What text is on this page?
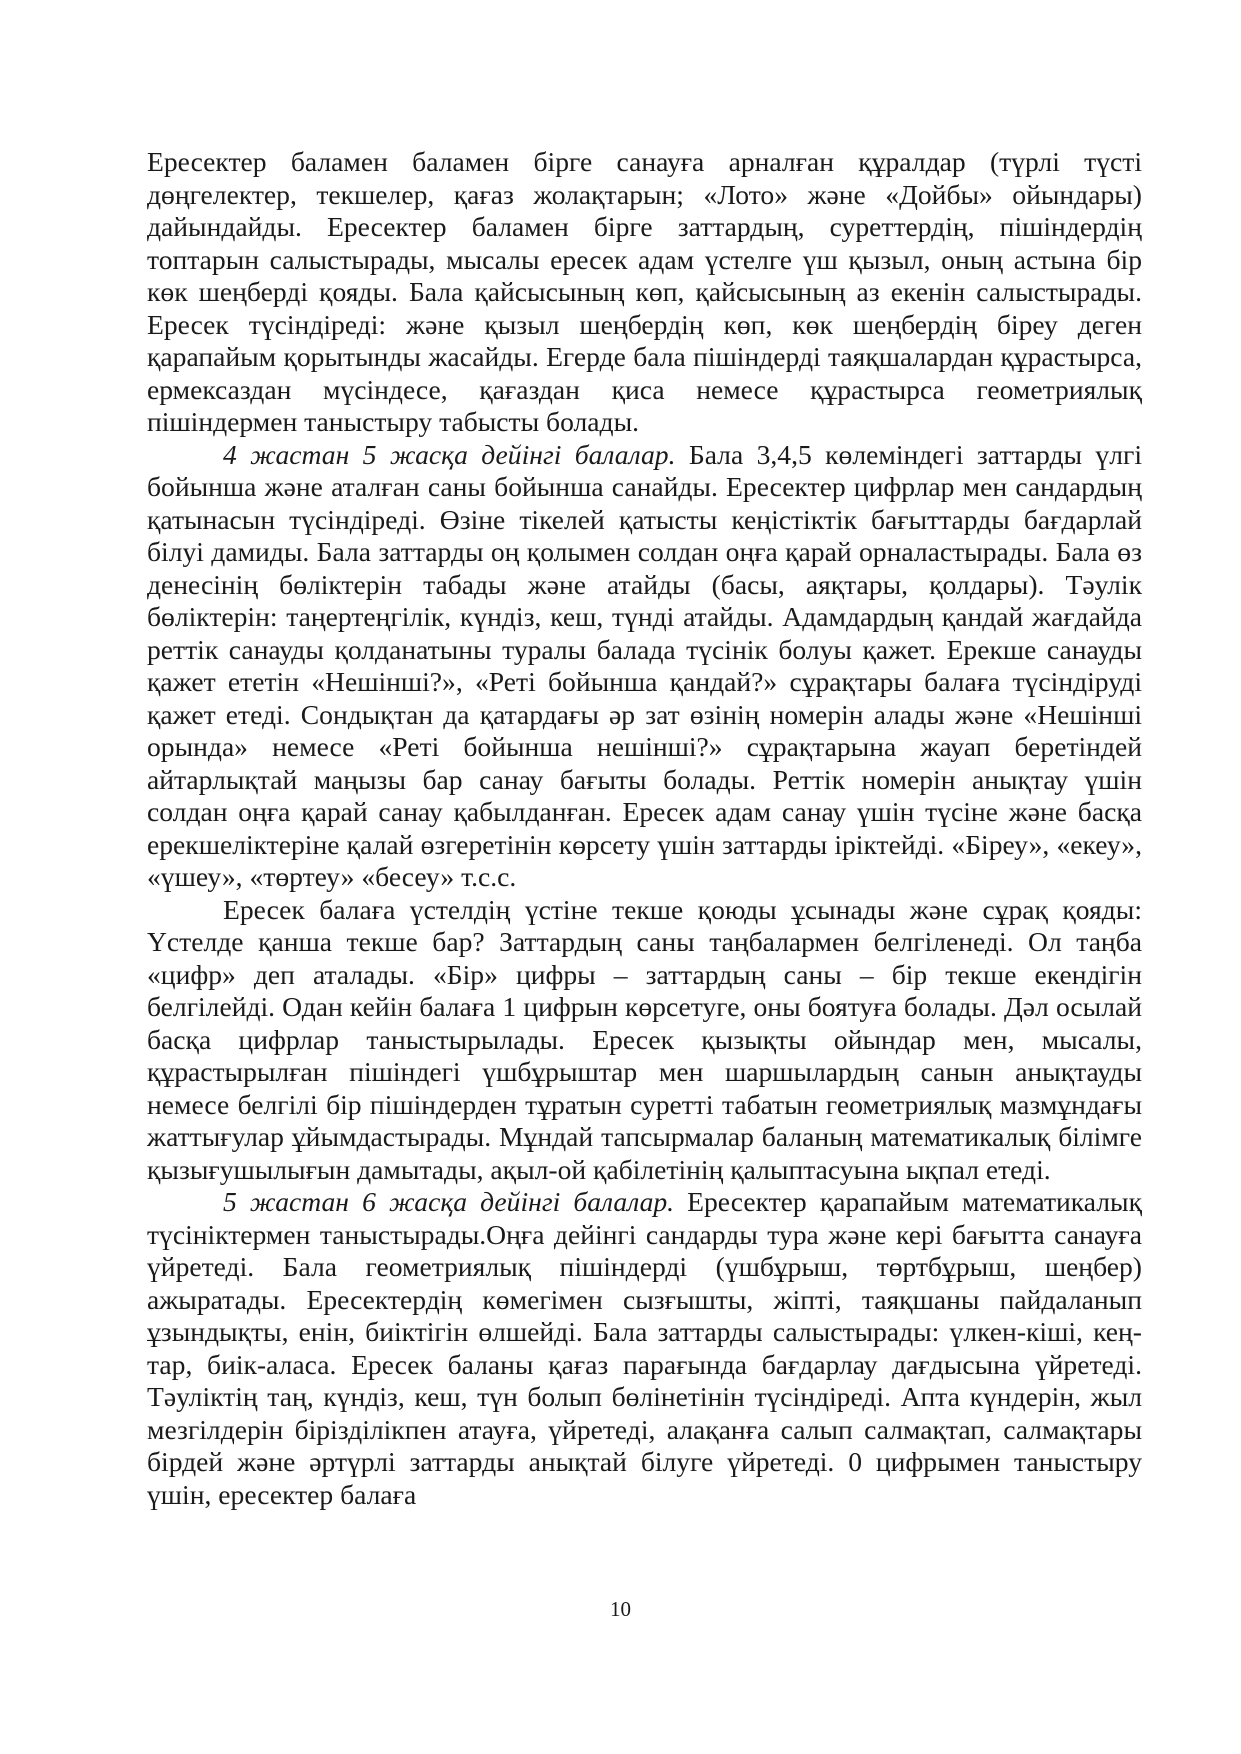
Ересектер баламен баламен бірге санауға арналған құралдар (түрлі түсті дөңгелектер, текшелер, қағаз жолақтарын; «Лото» және «Дойбы» ойындары) дайындайды. Ересектер баламен бірге заттардың, суреттердің, пішіндердің топтарын салыстырады, мысалы ересек адам үстелге үш қызыл, оның астына бір көк шеңберді қояды. Бала қайсысының көп, қайсысының аз екенін салыстырады. Ересек түсіндіреді: және қызыл шеңбердің көп, көк шеңбердің біреу деген қарапайым қорытынды жасайды. Егерде бала пішіндерді таяқшалардан құрастырса, ермексаздан мүсіндесе, қағаздан қиса немесе құрастырса геометриялық пішіндермен таныстыру табысты болады.

4 жастан 5 жасқа дейінгі балалар. Бала 3,4,5 көлеміндегі заттарды үлгі бойынша және аталған саны бойынша санайды. Ересектер цифрлар мен сандардың қатынасын түсіндіреді. Өзіне тікелей қатысты кеңістіктік бағыттарды бағдарлай білуі дамиды. Бала заттарды оң қолымен солдан оңға қарай орналастырады. Бала өз денесінің бөліктерін табады және атайды (басы, аяқтары, қолдары). Тәулік бөліктерін: таңертеңгілік, күндіз, кеш, түнді атайды. Адамдардың қандай жағдайда реттік санауды қолданатыны туралы балада түсінік болуы қажет. Ерекше санауды қажет ететін «Нешінші?», «Реті бойынша қандай?» сұрақтары балаға түсіндіруді қажет етеді. Сондықтан да қатардағы әр зат өзінің номерін алады және «Нешінші орында» немесе «Реті бойынша нешінші?» сұрақтарына жауап беретіндей айтарлықтай маңызы бар санау бағыты болады. Реттік номерін анықтау үшін солдан оңға қарай санау қабылданған. Ересек адам санау үшін түсіне және басқа ерекшеліктеріне қалай өзгеретінін көрсету үшін заттарды іріктейді. «Біреу», «екеу», «үшеу», «төртеу» «бесеу» т.с.с.

Ересек балаға үстелдің үстіне текше қоюды ұсынады және сұрақ қояды: Үстелде қанша текше бар? Заттардың саны таңбалармен белгіленеді. Ол таңба «цифр» деп аталады. «Бір» цифры – заттардың саны – бір текше екендігін белгілейді. Одан кейін балаға 1 цифрын көрсетуге, оны боятуға болады. Дәл осылай басқа цифрлар таныстырылады. Ересек қызықты ойындар мен, мысалы, құрастырылған пішіндегі үшбұрыштар мен шаршылардың санын анықтауды немесе белгілі бір пішіндерден тұратын суретті табатын геометриялық мазмұндағы жаттығулар ұйымдастырады. Мұндай тапсырмалар баланың математикалық білімге қызығушылығын дамытады, ақыл-ой қабілетінің қалыптасуына ықпал етеді.

5 жастан 6 жасқа дейінгі балалар. Ересектер қарапайым математикалық түсініктермен таныстырады.Оңға дейінгі сандарды тура және кері бағытта санауға үйретеді. Бала геометриялық пішіндерді (үшбұрыш, төртбұрыш, шеңбер) ажыратады. Ересектердің көмегімен сызғышты, жіпті, таяқшаны пайдаланып ұзындықты, енін, биіктігін өлшейді. Бала заттарды салыстырады: үлкен-кіші, кең-тар, биік-аласа. Ересек баланы қағаз парағында бағдарлау дағдысына үйретеді. Тәуліктің таң, күндіз, кеш, түн болып бөлінетінін түсіндіреді. Апта күндерін, жыл мезгілдерін бірізділікпен атауға, үйретеді, алақанға салып салмақтап, салмақтары бірдей және әртүрлі заттарды анықтай білуге үйретеді. 0 цифрымен таныстыру үшін, ересектер балаға

10
